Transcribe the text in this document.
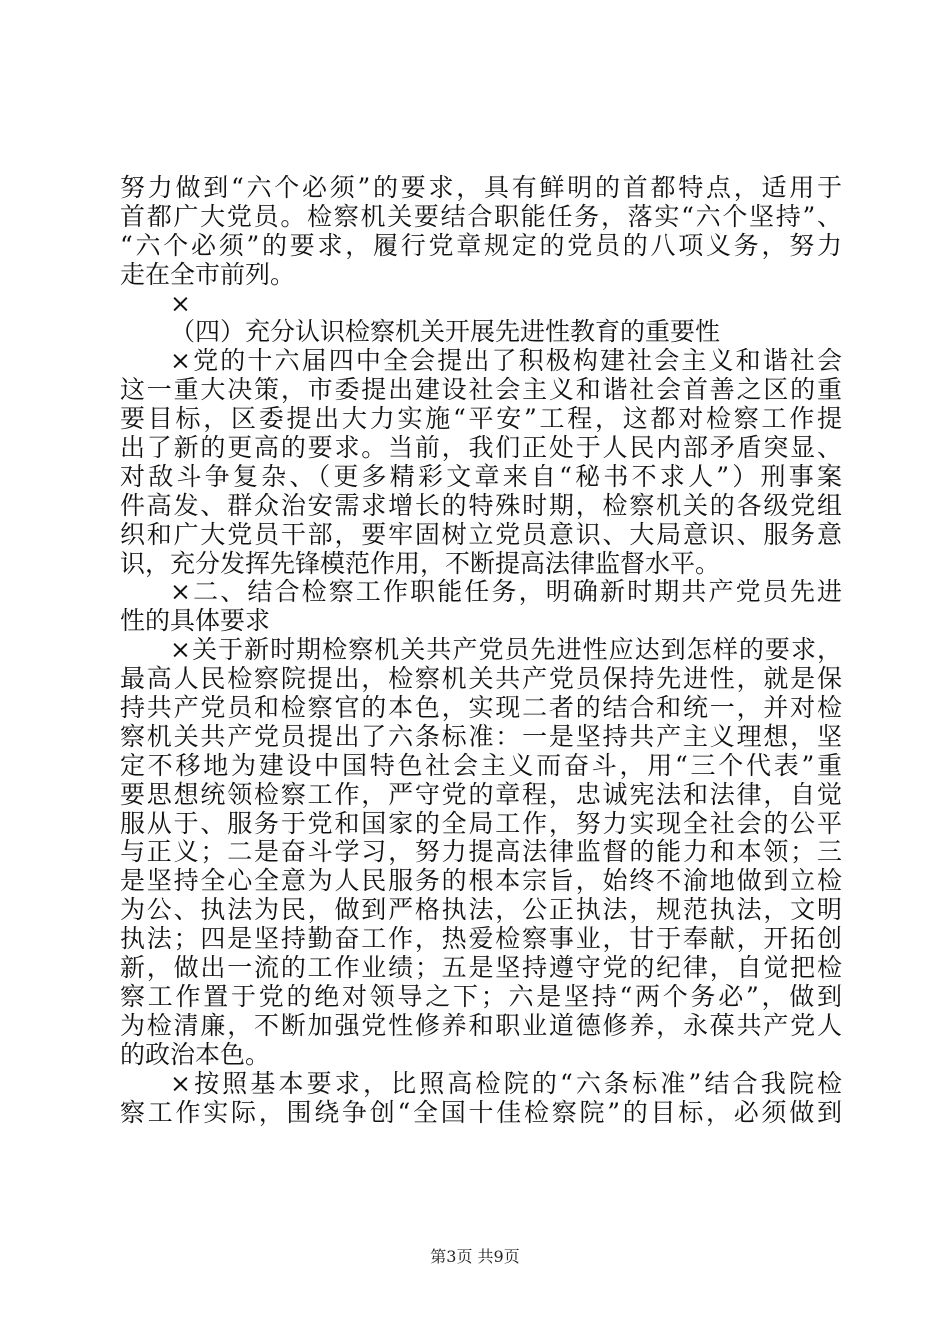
努力做到“六个必须”的要求，具有鲜明的首都特点，适用于
首都广大党员。检察机关要结合职能任务，落实“六个坚持”、
“六个必须”的要求，履行党章规定的党员的八项义务，努力
走在全市前列。
×
（四）充分认识检察机关开展先进性教育的重要性
×党的十六届四中全会提出了积极构建社会主义和谐社会
这一重大决策，市委提出建设社会主义和谐社会首善之区的重
要目标，区委提出大力实施“平安”工程，这都对检察工作提
出了新的更高的要求。当前，我们正处于人民内部矛盾突显、
对敌斗争复杂、（更多精彩文章来自“秘书不求人”）刑事案
件高发、群众治安需求增长的特殊时期，检察机关的各级党组
织和广大党员干部，要牢固树立党员意识、大局意识、服务意
识，充分发挥先锋模范作用，不断提高法律监督水平。
×二、结合检察工作职能任务，明确新时期共产党员先进
性的具体要求
×关于新时期检察机关共产党员先进性应达到怎样的要求，
最高人民检察院提出，检察机关共产党员保持先进性，就是保
持共产党员和检察官的本色，实现二者的结合和统一，并对检
察机关共产党员提出了六条标准：一是坚持共产主义理想，坚
定不移地为建设中国特色社会主义而奋斗，用“三个代表”重
要思想统领检察工作，严守党的章程，忠诚宪法和法律，自觉
服从于、服务于党和国家的全局工作，努力实现全社会的公平
与正义；二是奋斗学习，努力提高法律监督的能力和本领；三
是坚持全心全意为人民服务的根本宗旨，始终不渝地做到立检
为公、执法为民，做到严格执法，公正执法，规范执法，文明
执法；四是坚持勤奋工作，热爱检察事业，甘于奉献，开拓创
新，做出一流的工作业绩；五是坚持遵守党的纪律，自觉把检
察工作置于党的绝对领导之下；六是坚持“两个务必”，做到
为检清廉，不断加强党性修养和职业道德修养，永葆共产党人
的政治本色。
×按照基本要求，比照高检院的“六条标准”结合我院检
察工作实际，围绕争创“全国十佳检察院”的目标，必须做到
第3页 共9页
